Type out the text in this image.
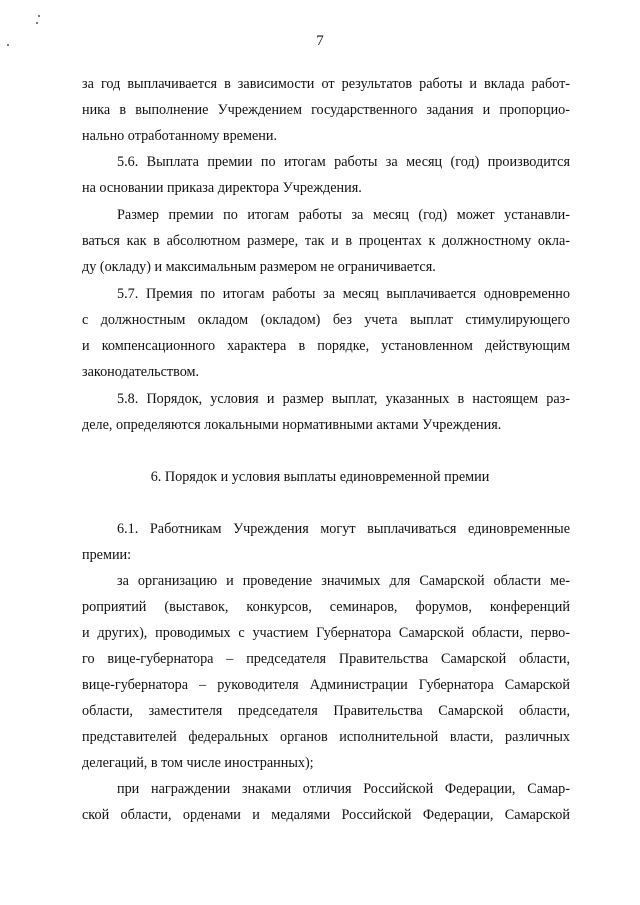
7
за год выплачивается в зависимости от результатов работы и вклада работ-
ника в выполнение Учреждением государственного задания и пропорцио-
нально отработанному времени.
5.6. Выплата премии по итогам работы за месяц (год) производится
на основании приказа директора Учреждения.
Размер премии по итогам работы за месяц (год) может устанавли-
ваться как в абсолютном размере, так и в процентах к должностному окла-
ду (окладу) и максимальным размером не ограничивается.
5.7. Премия по итогам работы за месяц выплачивается одновременно
с должностным окладом (окладом) без учета выплат стимулирующего
и компенсационного характера в порядке, установленном действующим
законодательством.
5.8. Порядок, условия и размер выплат, указанных в настоящем раз-
деле, определяются локальными нормативными актами Учреждения.
6. Порядок и условия выплаты единовременной премии
6.1. Работникам Учреждения могут выплачиваться единовременные
премии:
за организацию и проведение значимых для Самарской области ме-
роприятий (выставок, конкурсов, семинаров, форумов, конференций
и других), проводимых с участием Губернатора Самарской области, перво-
го вице-губернатора – председателя Правительства Самарской области,
вице-губернатора – руководителя Администрации Губернатора Самарской
области, заместителя председателя Правительства Самарской области,
представителей федеральных органов исполнительной власти, различных
делегаций, в том числе иностранных);
при награждении знаками отличия Российской Федерации, Самар-
ской области, орденами и медалями Российской Федерации, Самарской
